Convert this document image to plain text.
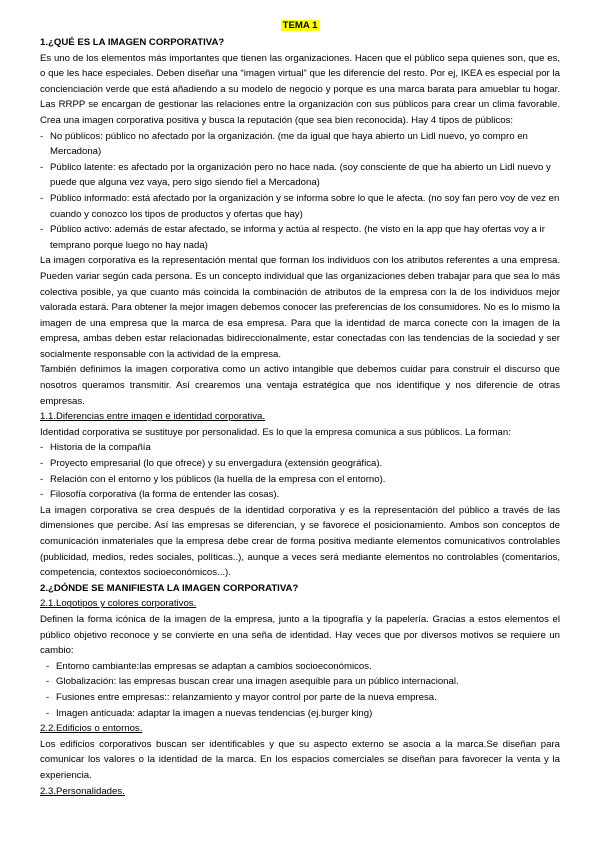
TEMA 1
1.¿QUÉ ES LA IMAGEN CORPORATIVA?

Es uno de los elementos más importantes que tienen las organizaciones. Hacen que el público sepa quienes son, que es, o que les hace especiales. Deben diseñar una “imagen virtual” que les diferencie del resto. Por ej, IKEA es especial por la concienciación verde que está añadiendo a su modelo de negocio y porque es una marca barata para amueblar tu hogar. Las RRPP se encargan de gestionar las relaciones entre la organización con sus públicos para crear un clima favorable. Crea una imagen corporativa positiva y busca la reputación (que sea bien reconocida). Hay 4 tipos de públicos:

- No públicos: público no afectado por la organización. (me da igual que haya abierto un Lidl nuevo, yo compro en Mercadona)
- Público latente: es afectado por la organización pero no hace nada. (soy consciente de que ha abierto un Lidl nuevo y puede que alguna vez vaya, pero sigo siendo fiel a Mercadona)
- Público informado: está afectado por la organización y se informa sobre lo que le afecta. (no soy fan pero voy de vez en cuando y conozco los tipos de productos y ofertas que hay)
- Público activo: además de estar afectado, se informa y actúa al respecto. (he visto en la app que hay ofertas voy a ir temprano porque luego no hay nada)

La imagen corporativa es la representación mental que forman los individuos con los atributos referentes a una empresa. Pueden variar según cada persona. Es un concepto individual que las organizaciones deben trabajar para que sea lo más colectiva posible, ya que cuanto más coincida la combinación de atributos de la empresa con la de los individuos mejor valorada estará. Para obtener la mejor imagen debemos conocer las preferencias de los consumidores. No es lo mismo la imagen de una empresa que la marca de esa empresa. Para que la identidad de marca conecte con la imagen de la empresa, ambas deben estar relacionadas bidireccionalmente, estar conectadas con las tendencias de la sociedad y ser socialmente responsable con la actividad de la empresa.

También definimos la imagen corporativa como un activo intangible que debemos cuidar para construir el discurso que nosotros queramos transmitir. Así crearemos una ventaja estratégica que nos identifique y nos diferencie de otras empresas.

1.1.Diferencias entre imagen e identidad corporativa.

Identidad corporativa se sustituye por personalidad. Es lo que la empresa comunica a sus públicos. La forman:

- Historia de la compañía
- Proyecto empresarial (lo que ofrece) y su envergadura (extensión geográfica).
- Relación con el entorno y los públicos (la huella de la empresa con el entorno).
- Filosofía corporativa (la forma de entender las cosas).

La imagen corporativa se crea después de la identidad corporativa y es la representación del público a través de las dimensiones que percibe. Así las empresas se diferencian, y se favorece el posicionamiento. Ambos son conceptos de comunicación inmateriales que la empresa debe crear de forma positiva mediante elementos comunicativos controlables (publicidad, medios, redes sociales, políticas..), aunque a veces será mediante elementos no controlables (comentarios, competencia, contextos socioeconómicos...).

2.¿DÓNDE SE MANIFIESTA LA IMAGEN CORPORATIVA?
2.1.Logotipos y colores corporativos.

Definen la forma icónica de la imagen de la empresa, junto a la tipografía y la papelería. Gracias a estos elementos el público objetivo reconoce y se convierte en una seña de identidad. Hay veces que por diversos motivos se requiere un cambio:

- Entorno cambiante:las empresas se adaptan a cambios socioeconómicos.
- Globalización: las empresas buscan crear una imagen asequible para un público internacional.
- Fusiones entre empresas:: relanzamiento y mayor control por parte de la nueva empresa.
- Imagen anticuada: adaptar la imagen a nuevas tendencias (ej.burger king)
2.2.Edificios o entornos.

Los edificios corporativos buscan ser identificables y que su aspecto externo se asocia a la marca.Se diseñan para comunicar los valores o la identidad de la marca. En los espacios comerciales se diseñan para favorecer la venta y la experiencia.

2.3.Personalidades.
